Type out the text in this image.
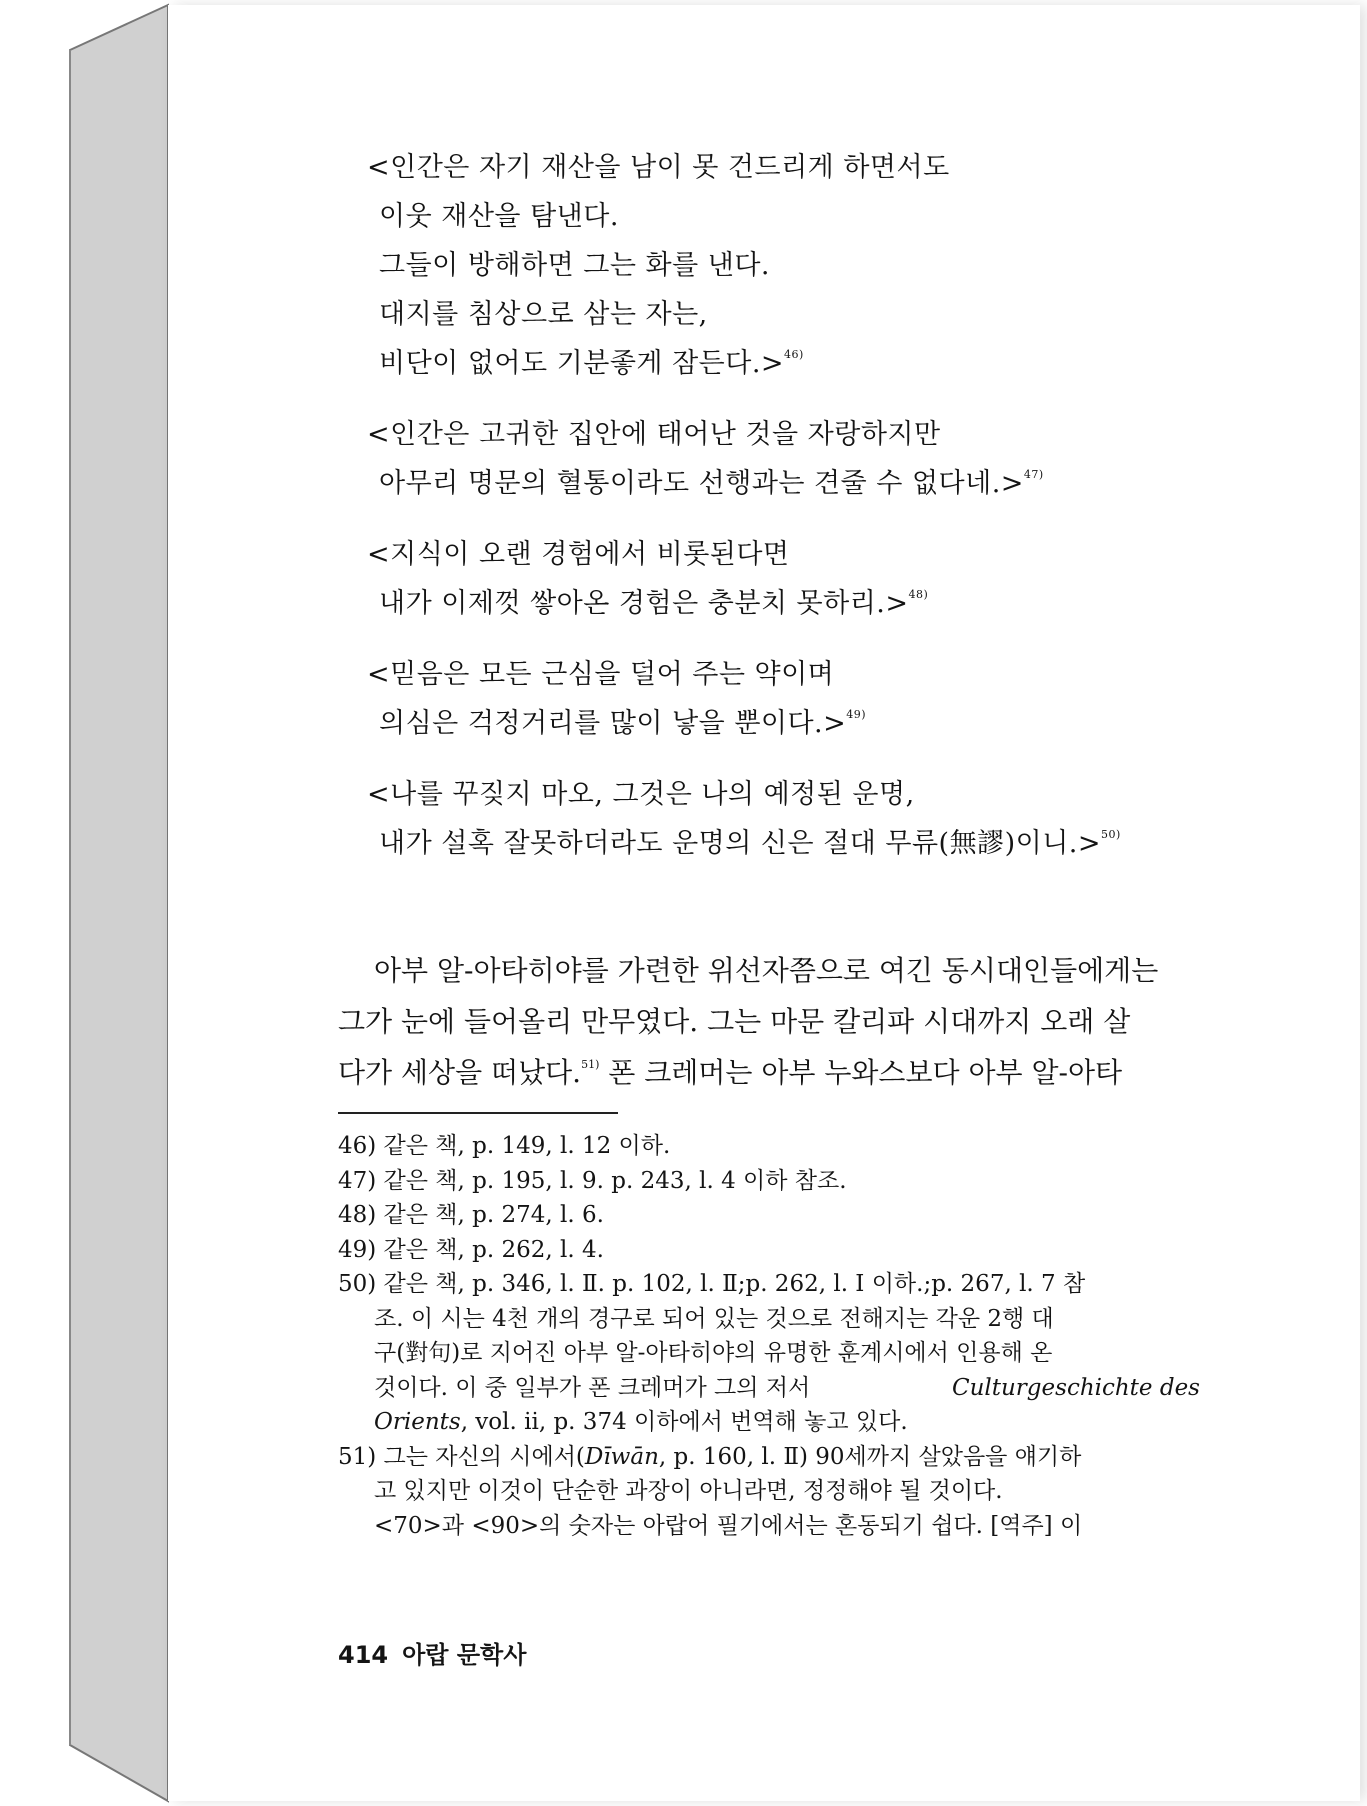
<인간은 자기 재산을 남이 못 건드리게 하면서도
이웃 재산을 탐낸다.
그들이 방해하면 그는 화를 낸다.
대지를 침상으로 삼는 자는,
비단이 없어도 기분좋게 잠든다.>$^{46)}$
<인간은 고귀한 집안에 태어난 것을 자랑하지만
아무리 명문의 혈통이라도 선행과는 견줄 수 없다네.>$^{47)}$
<지식이 오랜 경험에서 비롯된다면
내가 이제껏 쌓아온 경험은 충분치 못하리.>$^{48)}$
<믿음은 모든 근심을 덜어 주는 약이며
의심은 걱정거리를 많이 낳을 뿐이다.>$^{49)}$
<나를 꾸짖지 마오, 그것은 나의 예정된 운명,
내가 설혹 잘못하더라도 운명의 신은 절대 무류(無謬)이니.>$^{50)}$
아부 알-아타히야를 가련한 위선자쯤으로 여긴 동시대인들에게는
그가 눈에 들어올리 만무였다. 그는 마문 칼리파 시대까지 오래 살
다가 세상을 떠났다.$^{51)}$ 폰 크레머는 아부 누와스보다 아부 알-아타
46) 같은 책, p. 149, l. 12 이하.
47) 같은 책, p. 195, l. 9. p. 243, l. 4 이하 참조.
48) 같은 책, p. 274, l. 6.
49) 같은 책, p. 262, l. 4.
50) 같은 책, p. 346, l. Ⅱ. p. 102, l. Ⅱ;p. 262, l. I 이하.;p. 267, l. 7 참
조. 이 시는 4천 개의 경구로 되어 있는 것으로 전해지는 각운 2행 대
구(對句)로 지어진 아부 알-아타히야의 유명한 훈계시에서 인용해 온
것이다. 이 중 일부가 폰 크레머가 그의 저서	Culturgeschichte des
Orients, vol. ⅱ, p. 374 이하에서 번역해 놓고 있다.
51) 그는 자신의 시에서(Dīwān, p. 160, l. Ⅱ) 90세까지 살았음을 얘기하
고 있지만 이것이 단순한 과장이 아니라면, 정정해야 될 것이다.
<70>과 <90>의 숫자는 아랍어 필기에서는 혼동되기 쉽다. [역주] 이
414 아랍 문학사
